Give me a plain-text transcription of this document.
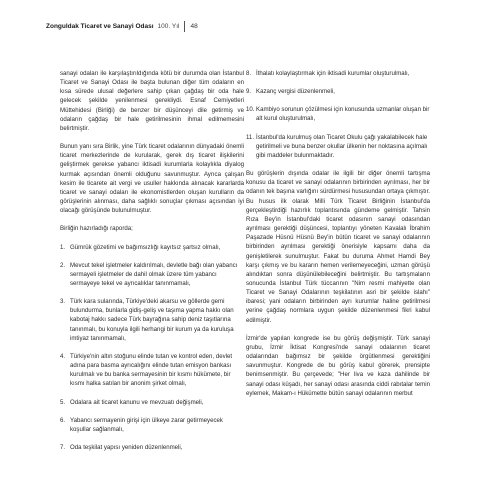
Zonguldak Ticaret ve Sanayi Odası 100. Yıl 48

sanayi odaları ile karşılaştırıldığında kötü bir durumda olan İstanbul Ticaret ve Sanayi Odası ile başta bulunan diğer tüm odaların en kısa sürede ulusal değerlere sahip çıkan çağdaş bir oda hale gelecek şekilde yenilenmesi gerekliydi. Esnaf Cemiyetleri Müttehidesi (Birliği) de benzer bir düşünceyi dile getirmiş ve odaların çağdaş bir hale getirilmesinin ihmal edilmemesini belirtmiştir.

Bunun yanı sıra Birlik, yine Türk ticaret odalarının dünyadaki önemli ticaret merkezlerinde de kurularak, gerek dış ticaret ilişkilerini geliştirmek gerekse yabancı iktisadi kurumlarla kolaylıkla diyalog kurmak açısından önemli olduğunu savunmuştur. Ayrıca çalışan kesim ile ticarete ait vergi ve usuller hakkında alınacak kararlarda ticaret ve sanayi odaları ile ekonomistlerden oluşan kurulların da görüşlerinin alınması, daha sağlıklı sonuçlar çıkması açısından iyi olacağı görüşünde bulunulmuştur.

Birliğin hazırladığı raporda;

1. Gümrük gözetimi ve bağımsızlığı kayıtsız şartsız olmalı,
2. Mevcut tekel işletmeler kaldırılmalı, devletle bağı olan yabancı sermayeli işletmeler de dahil olmak üzere tüm yabancı sermayeye tekel ve ayrıcalıklar tanınmamalı,
3. Türk kara sularında, Türkiye'deki akarsu ve göllerde gemi bulundurma, bunlarla gidiş-geliş ve taşıma yapma hakkı olan kabotaj hakkı sadece Türk bayrağına sahip deniz taşıtlarına tanınmalı, bu konuyla ilgili herhangi bir kurum ya da kuruluşa imtiyaz tanınmamalı,
4. Türkiye'nin altın stoğunu elinde tutan ve kontrol eden, devlet adına para basma ayrıcalığını elinde tutan emisyon bankası kurulmalı ve bu banka sermayesinin bir kısmı hükümete, bir kısmı halka satılan bir anonim şirket olmalı,
5. Odalara ait ticaret kanunu ve mevzuatı değişmeli,
6. Yabancı sermayenin girişi için ülkeye zarar getirmeyecek koşullar sağlanmalı,
7. Oda teşkilat yapısı yeniden düzenlenmeli,
8. İthalatı kolaylaştırmak için iktisadi kurumlar oluşturulmalı,
9. Kazanç vergisi düzenlenmeli,
10. Kambiyo sorunun çözülmesi için konusunda uzmanlar oluşan bir alt kurul oluşturulmalı,
11. İstanbul'da kurulmuş olan Ticaret Okulu çağı yakalabilecek hale getirilmeli ve buna benzer okullar ülkenin her noktasına açılmalı gibi maddeler bulunmaktadır.

Bu görüşlerin dışında odalar ile ilgili bir diğer önemli tartışma konusu da ticaret ve sanayi odalarının birbirinden ayrılması, her bir odanın tek başına varlığını sürdürmesi hususundan ortaya çıkmıştır. Bu husus ilk olarak Milli Türk Ticaret Birliğinin İstanbul'da gerçekleştirdiği hazırlık toplantısında gündeme gelmiştir. Tahsin Rıza Bey'in İstanbul'daki ticaret odasının sanayi odasından ayrılması gerektiği düşüncesi, toplantıyı yöneten Kavalalı İbrahim Paşazade Hüsnü Hüsnü Bey'in bütün ticaret ve sanayi odalarının birbirinden ayrılması gerektiği önerisiyle kapsamı daha da genişletilerek sunulmuştur. Fakat bu duruma Ahmet Hamdi Bey karşı çıkmış ve bu kararın hemen verilemeyeceğini, uzman görüşü alındıktan sonra düşünülebileceğini belirtmiştir. Bu tartışmaların sonucunda İstanbul Türk tüccarının "Nim resmi mahiyette olan Ticaret ve Sanayi Odalarının teşkilatının asri bir şekilde islahı" ibaresi; yani odaların birbirinden ayrı kurumlar haline getirilmesi yerine çağdaş normlara uygun şekilde düzenlenmesi fikri kabul edilmiştir.

İzmir'de yapılan kongrede ise bu görüş değişmiştir. Türk sanayi grubu, İzmir İktisat Kongresi'nde sanayi odalarının ticaret odalarından bağımsız bir şekilde örgütlenmesi gerektiğini savunmuştur. Kongrede de bu görüş kabul görerek, prensipte benimsenmiştir. Bu çerçevede; "Her liva ve kaza dahilinde bir sanayi odası küşadı, her sanayi odası arasında ciddi rabıtalar temin eylemek, Makam-ı Hükümette bütün sanayi odalarının merbut
